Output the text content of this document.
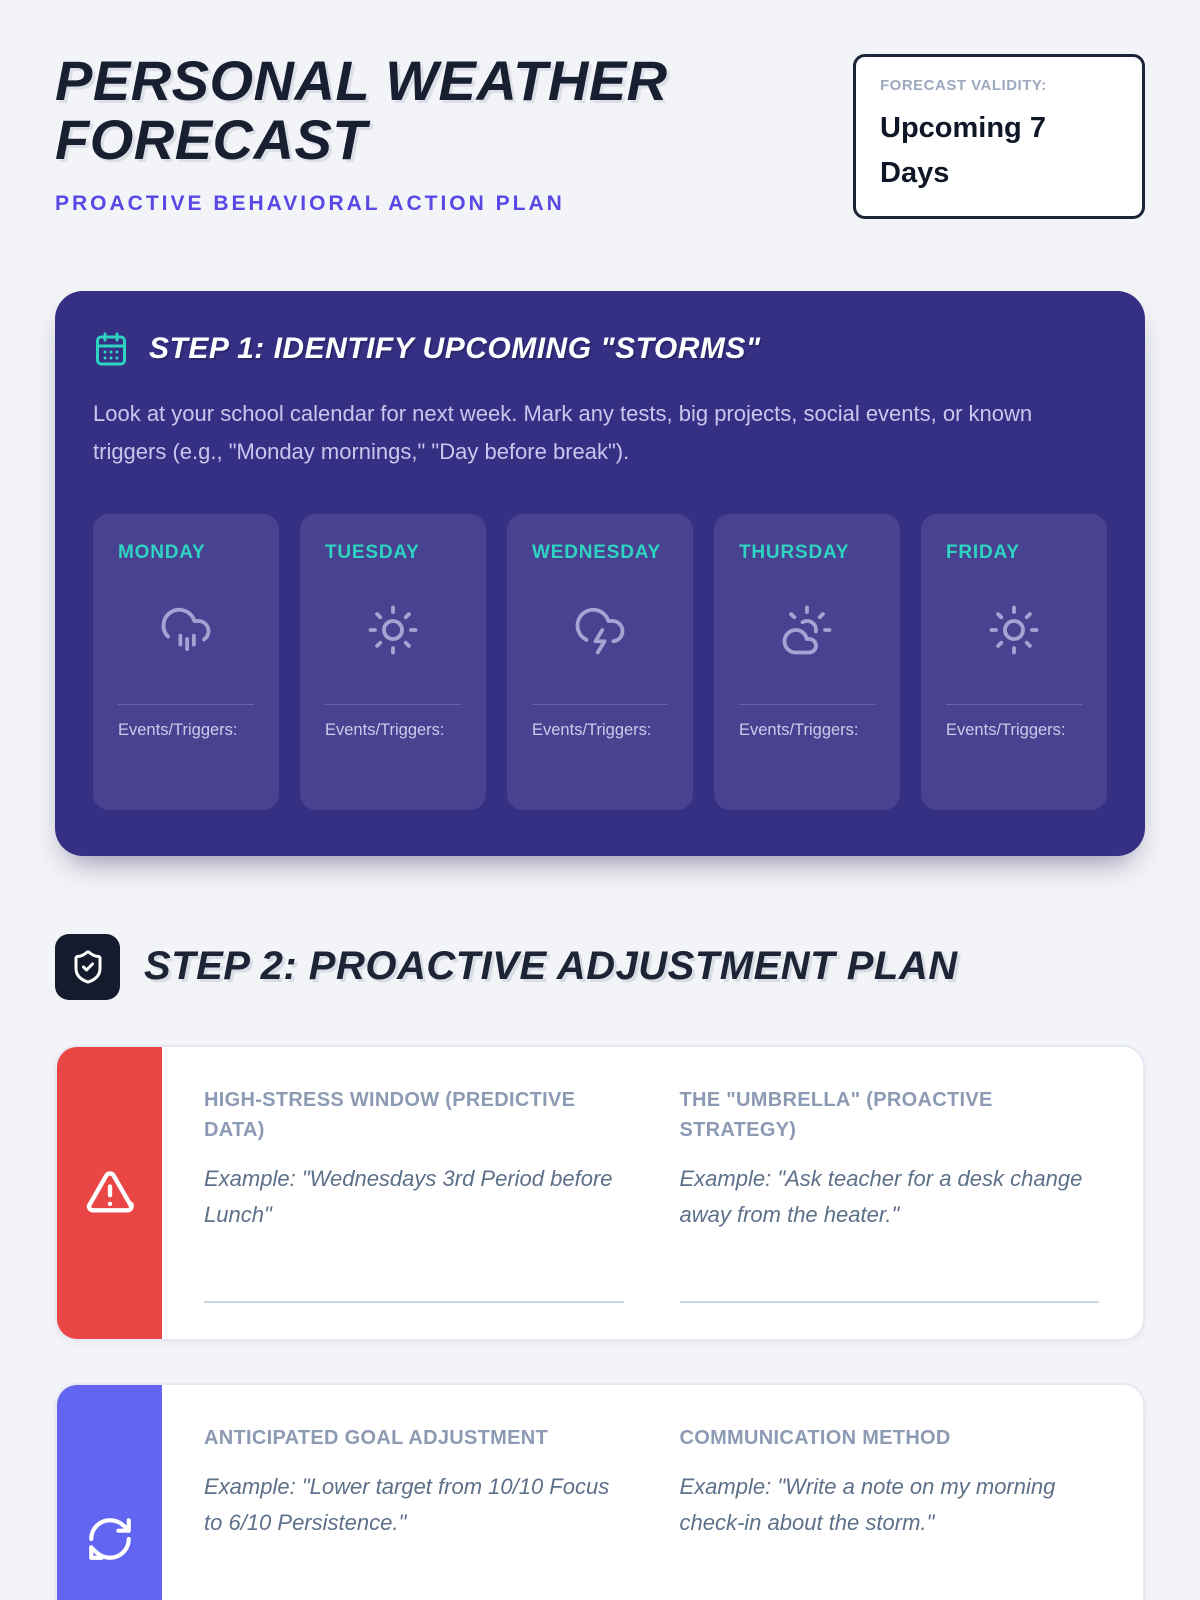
PERSONAL WEATHER FORECAST
PROACTIVE BEHAVIORAL ACTION PLAN
FORECAST VALIDITY:
Upcoming 7 Days
STEP 1: IDENTIFY UPCOMING "STORMS"

Look at your school calendar for next week. Mark any tests, big projects, social events, or known triggers (e.g., "Monday mornings," "Day before break").

MONDAY
Events/Triggers:
TUESDAY
Events/Triggers:
WEDNESDAY
Events/Triggers:
THURSDAY
Events/Triggers:
FRIDAY
Events/Triggers:
STEP 2: PROACTIVE ADJUSTMENT PLAN
HIGH-STRESS WINDOW (PREDICTIVE DATA)

Example: "Wednesdays 3rd Period before Lunch"

THE "UMBRELLA" (PROACTIVE STRATEGY)

Example: "Ask teacher for a desk change away from the heater."

ANTICIPATED GOAL ADJUSTMENT

Example: "Lower target from 10/10 Focus to 6/10 Persistence."

COMMUNICATION METHOD

Example: "Write a note on my morning check-in about the storm."
